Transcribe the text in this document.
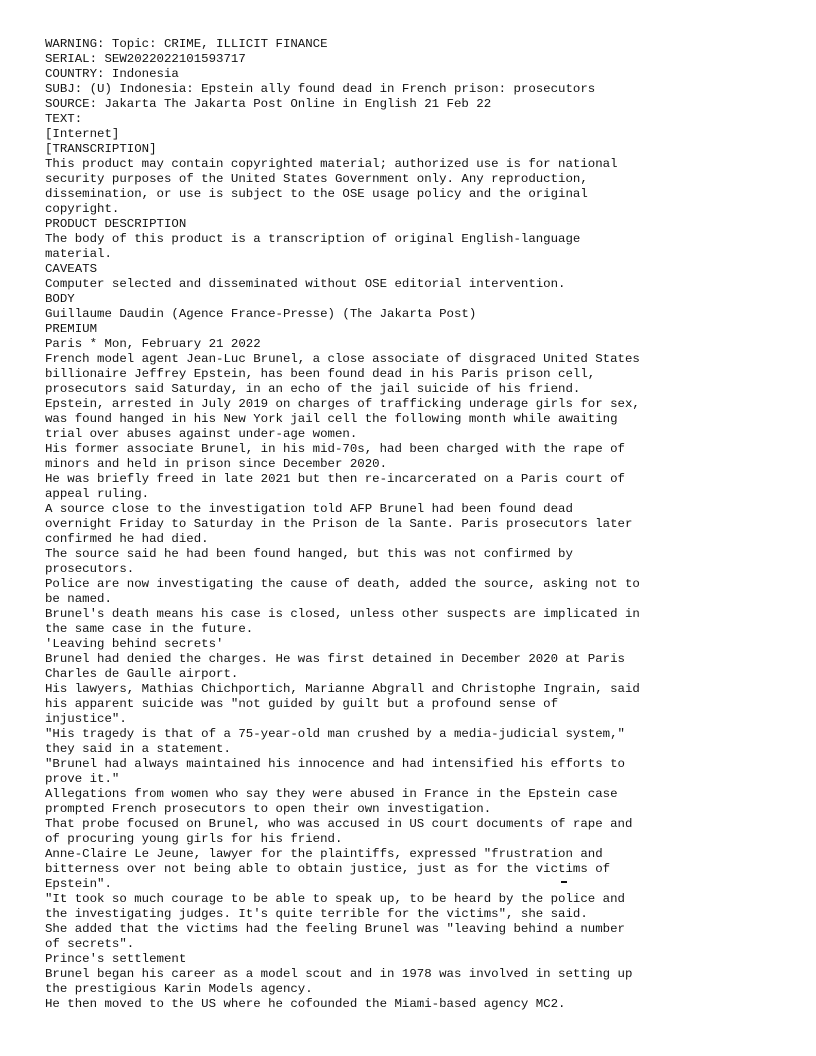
WARNING: Topic: CRIME, ILLICIT FINANCE
SERIAL: SEW2022022101593717
COUNTRY: Indonesia
SUBJ: (U) Indonesia: Epstein ally found dead in French prison: prosecutors
SOURCE: Jakarta The Jakarta Post Online in English 21 Feb 22
TEXT:
[Internet]
[TRANSCRIPTION]
This product may contain copyrighted material; authorized use is for national
security purposes of the United States Government only. Any reproduction,
dissemination, or use is subject to the OSE usage policy and the original
copyright.
PRODUCT DESCRIPTION
The body of this product is a transcription of original English-language
material.
CAVEATS
Computer selected and disseminated without OSE editorial intervention.
BODY
Guillaume Daudin (Agence France-Presse) (The Jakarta Post)
PREMIUM
Paris * Mon, February 21 2022
French model agent Jean-Luc Brunel, a close associate of disgraced United States
billionaire Jeffrey Epstein, has been found dead in his Paris prison cell,
prosecutors said Saturday, in an echo of the jail suicide of his friend.
Epstein, arrested in July 2019 on charges of trafficking underage girls for sex,
was found hanged in his New York jail cell the following month while awaiting
trial over abuses against under-age women.
His former associate Brunel, in his mid-70s, had been charged with the rape of
minors and held in prison since December 2020.
He was briefly freed in late 2021 but then re-incarcerated on a Paris court of
appeal ruling.
A source close to the investigation told AFP Brunel had been found dead
overnight Friday to Saturday in the Prison de la Sante. Paris prosecutors later
confirmed he had died.
The source said he had been found hanged, but this was not confirmed by
prosecutors.
Police are now investigating the cause of death, added the source, asking not to
be named.
Brunel's death means his case is closed, unless other suspects are implicated in
the same case in the future.
'Leaving behind secrets'
Brunel had denied the charges. He was first detained in December 2020 at Paris
Charles de Gaulle airport.
His lawyers, Mathias Chichportich, Marianne Abgrall and Christophe Ingrain, said
his apparent suicide was "not guided by guilt but a profound sense of
injustice".
"His tragedy is that of a 75-year-old man crushed by a media-judicial system,"
they said in a statement.
"Brunel had always maintained his innocence and had intensified his efforts to
prove it."
Allegations from women who say they were abused in France in the Epstein case
prompted French prosecutors to open their own investigation.
That probe focused on Brunel, who was accused in US court documents of rape and
of procuring young girls for his friend.
Anne-Claire Le Jeune, lawyer for the plaintiffs, expressed "frustration and
bitterness over not being able to obtain justice, just as for the victims of
Epstein".
"It took so much courage to be able to speak up, to be heard by the police and
the investigating judges. It's quite terrible for the victims", she said.
She added that the victims had the feeling Brunel was "leaving behind a number
of secrets".
Prince's settlement
Brunel began his career as a model scout and in 1978 was involved in setting up
the prestigious Karin Models agency.
He then moved to the US where he cofounded the Miami-based agency MC2.
